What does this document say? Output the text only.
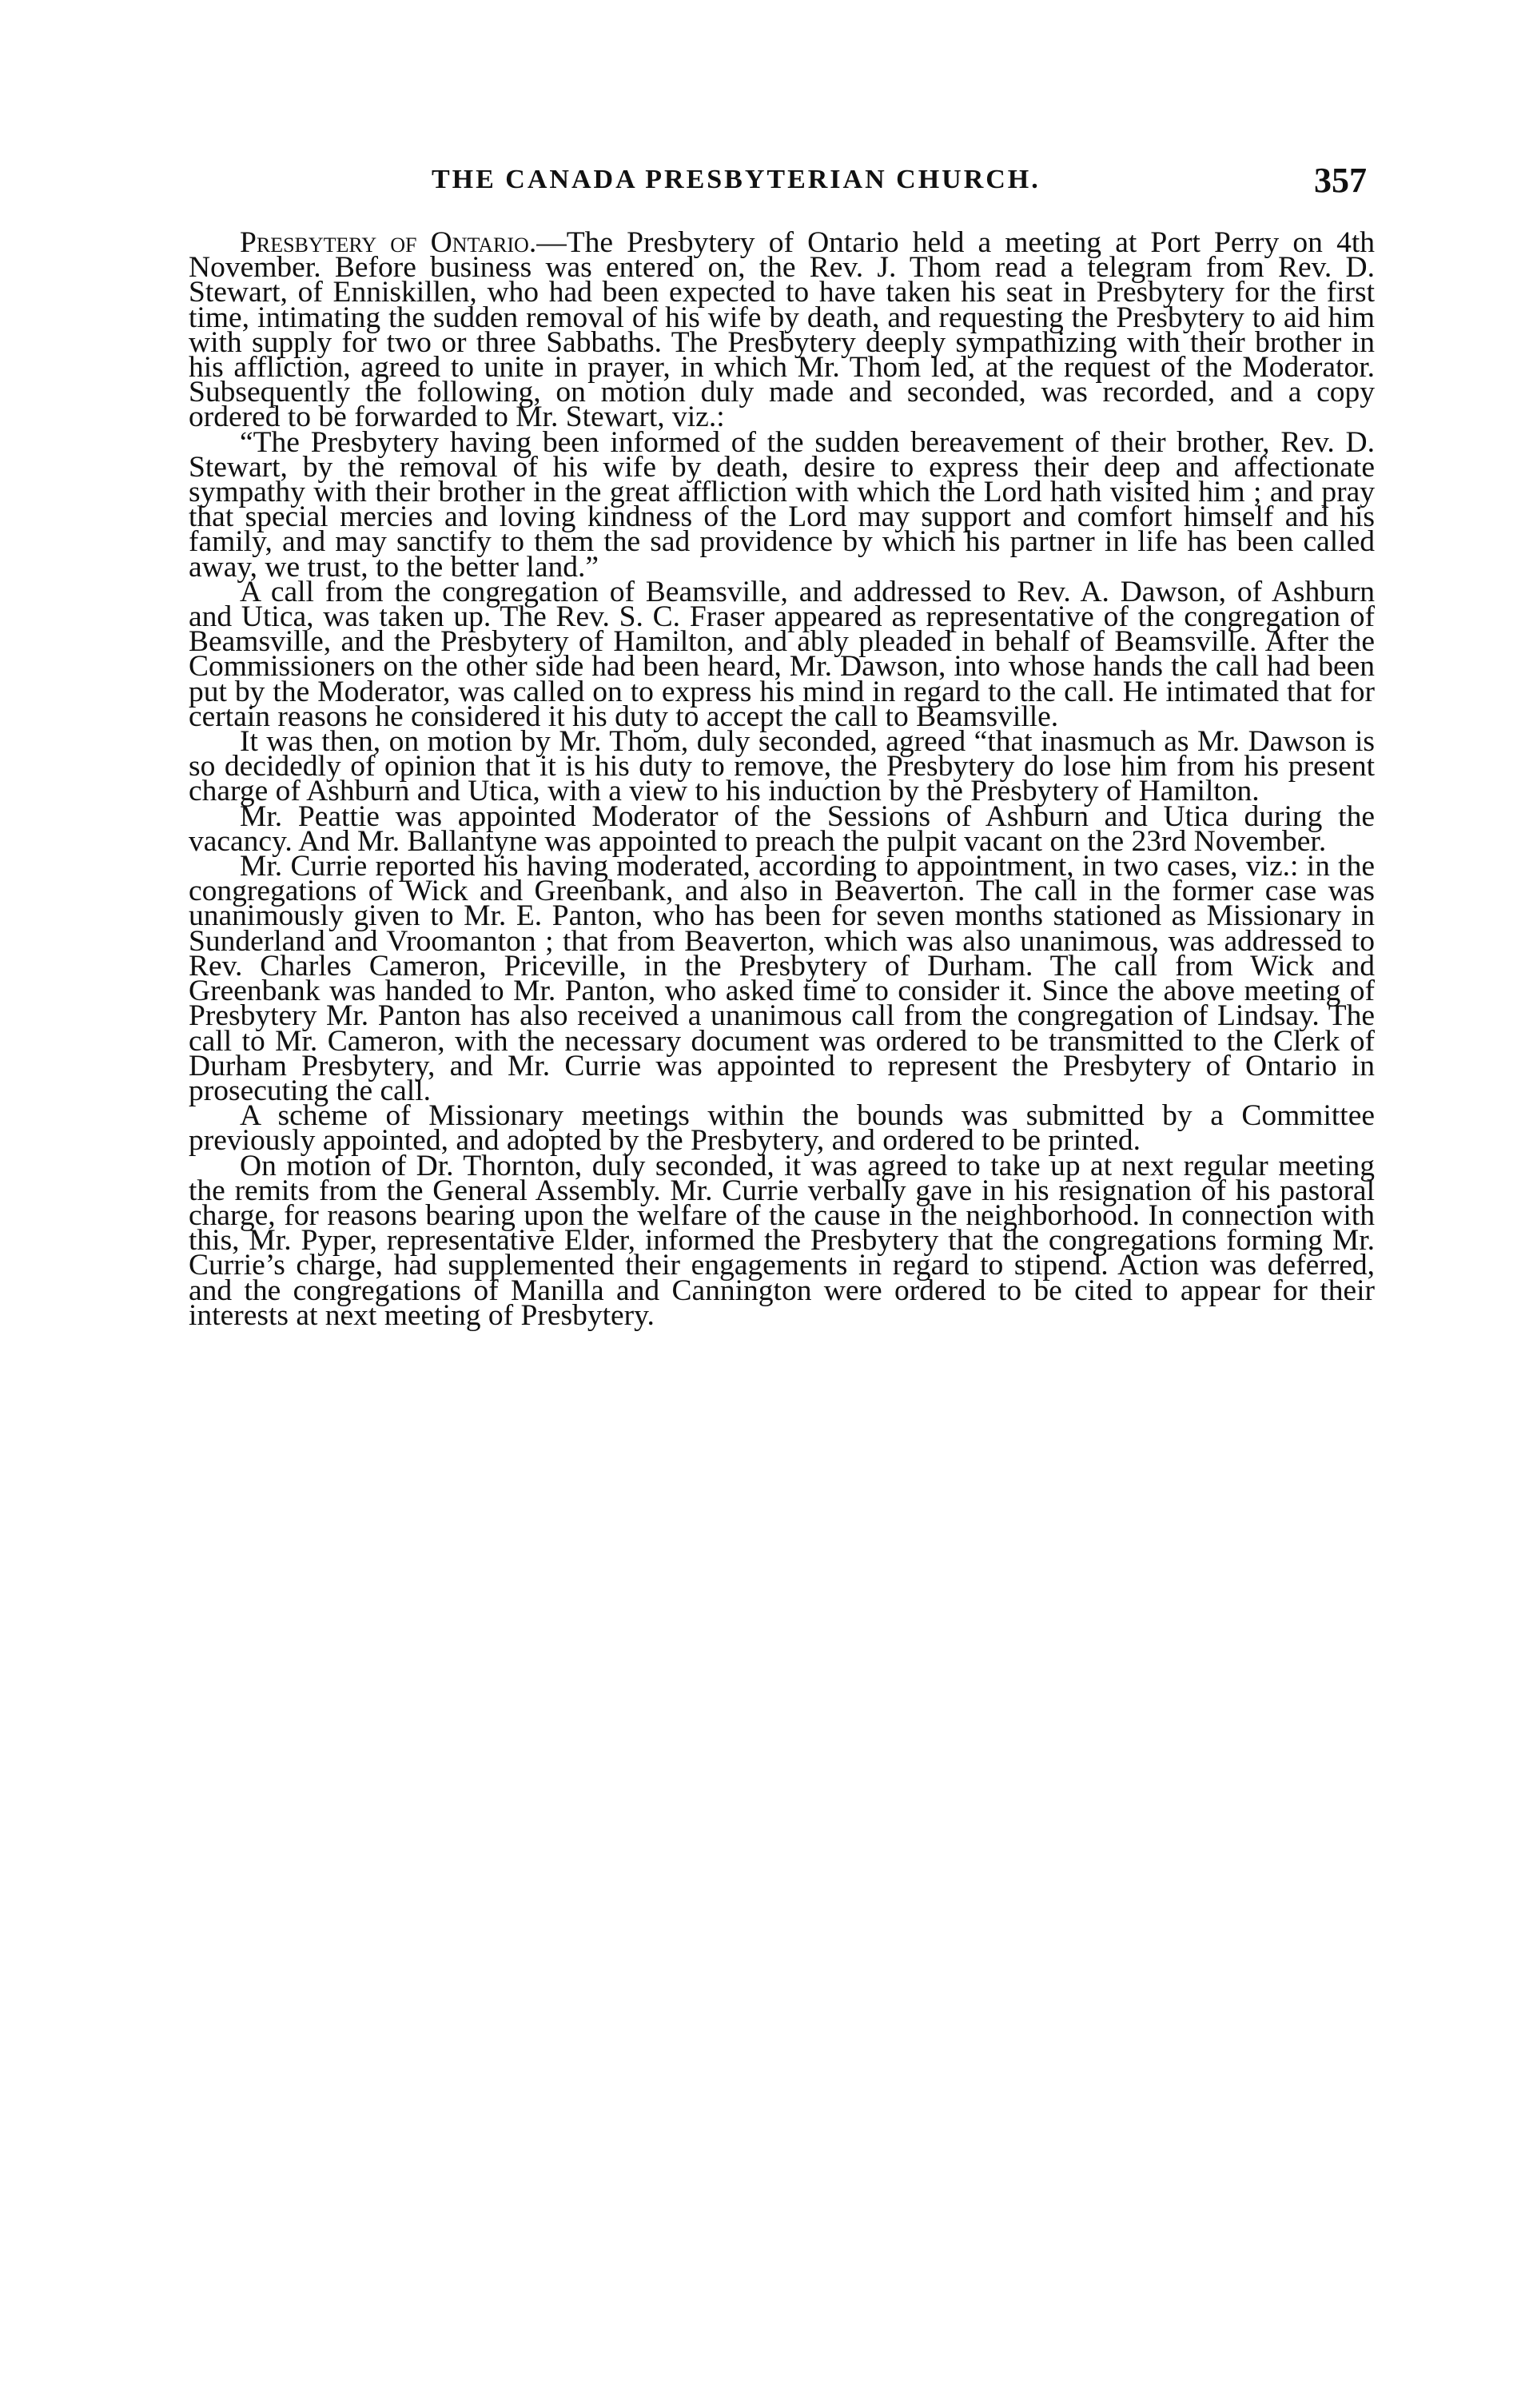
THE CANADA PRESBYTERIAN CHURCH.	357

Presbytery of Ontario.—The Presbytery of Ontario held a meeting at Port Perry on 4th November. Before business was entered on, the Rev. J. Thom read a telegram from Rev. D. Stewart, of Enniskillen, who had been expected to have taken his seat in Presbytery for the first time, intimating the sudden removal of his wife by death, and requesting the Presbytery to aid him with supply for two or three Sabbaths. The Presbytery deeply sympathizing with their brother in his affliction, agreed to unite in prayer, in which Mr. Thom led, at the request of the Moderator. Subsequently the following, on motion duly made and seconded, was recorded, and a copy ordered to be forwarded to Mr. Stewart, viz.:

“The Presbytery having been informed of the sudden bereavement of their brother, Rev. D. Stewart, by the removal of his wife by death, desire to express their deep and affectionate sympathy with their brother in the great affliction with which the Lord hath visited him ; and pray that special mercies and loving kindness of the Lord may support and comfort himself and his family, and may sanctify to them the sad providence by which his partner in life has been called away, we trust, to the better land.”

A call from the congregation of Beamsville, and addressed to Rev. A. Dawson, of Ashburn and Utica, was taken up. The Rev. S. C. Fraser appeared as representative of the congregation of Beamsville, and the Presbytery of Hamilton, and ably pleaded in behalf of Beamsville. After the Commissioners on the other side had been heard, Mr. Dawson, into whose hands the call had been put by the Moderator, was called on to express his mind in regard to the call. He intimated that for certain reasons he considered it his duty to accept the call to Beamsville.

It was then, on motion by Mr. Thom, duly seconded, agreed “that inasmuch as Mr. Dawson is so decidedly of opinion that it is his duty to remove, the Presbytery do lose him from his present charge of Ashburn and Utica, with a view to his induction by the Presbytery of Hamilton.

Mr. Peattie was appointed Moderator of the Sessions of Ashburn and Utica during the vacancy. And Mr. Ballantyne was appointed to preach the pulpit vacant on the 23rd November.

Mr. Currie reported his having moderated, according to appointment, in two cases, viz.: in the congregations of Wick and Greenbank, and also in Beaverton. The call in the former case was unanimously given to Mr. E. Panton, who has been for seven months stationed as Missionary in Sunderland and Vroomanton ; that from Beaverton, which was also unanimous, was addressed to Rev. Charles Cameron, Priceville, in the Presbytery of Durham. The call from Wick and Greenbank was handed to Mr. Panton, who asked time to consider it. Since the above meeting of Presbytery Mr. Panton has also received a unanimous call from the congregation of Lindsay. The call to Mr. Cameron, with the necessary document was ordered to be transmitted to the Clerk of Durham Presbytery, and Mr. Currie was appointed to represent the Presbytery of Ontario in prosecuting the call.

A scheme of Missionary meetings within the bounds was submitted by a Committee previously appointed, and adopted by the Presbytery, and ordered to be printed.

On motion of Dr. Thornton, duly seconded, it was agreed to take up at next regular meeting the remits from the General Assembly. Mr. Currie verbally gave in his resignation of his pastoral charge, for reasons bearing upon the welfare of the cause in the neighborhood. In connection with this, Mr. Pyper, representative Elder, informed the Presbytery that the congregations forming Mr. Currie’s charge, had supplemented their engagements in regard to stipend. Action was deferred, and the congregations of Manilla and Cannington were ordered to be cited to appear for their interests at next meeting of Presbytery.
